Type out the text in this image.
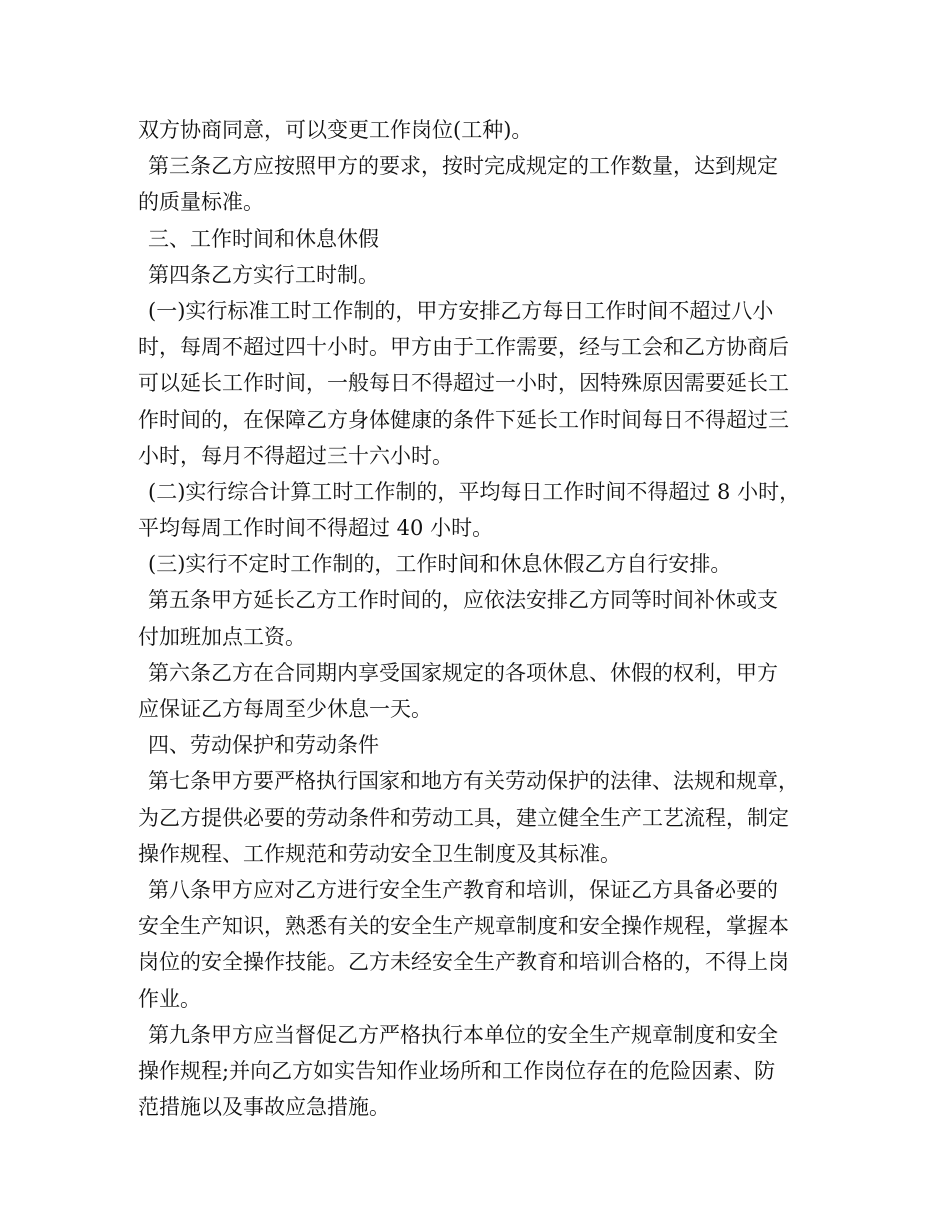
双方协商同意，可以变更工作岗位(工种)。
第三条乙方应按照甲方的要求，按时完成规定的工作数量，达到规定
的质量标准。
三、工作时间和休息休假
第四条乙方实行工时制。
(一)实行标准工时工作制的，甲方安排乙方每日工作时间不超过八小
时，每周不超过四十小时。甲方由于工作需要，经与工会和乙方协商后
可以延长工作时间，一般每日不得超过一小时，因特殊原因需要延长工
作时间的，在保障乙方身体健康的条件下延长工作时间每日不得超过三
小时，每月不得超过三十六小时。
(二)实行综合计算工时工作制的，平均每日工作时间不得超过 8 小时，
平均每周工作时间不得超过 40 小时。
(三)实行不定时工作制的，工作时间和休息休假乙方自行安排。
第五条甲方延长乙方工作时间的，应依法安排乙方同等时间补休或支
付加班加点工资。
第六条乙方在合同期内享受国家规定的各项休息、休假的权利，甲方
应保证乙方每周至少休息一天。
四、劳动保护和劳动条件
第七条甲方要严格执行国家和地方有关劳动保护的法律、法规和规章，
为乙方提供必要的劳动条件和劳动工具，建立健全生产工艺流程，制定
操作规程、工作规范和劳动安全卫生制度及其标准。
第八条甲方应对乙方进行安全生产教育和培训，保证乙方具备必要的
安全生产知识，熟悉有关的安全生产规章制度和安全操作规程，掌握本
岗位的安全操作技能。乙方未经安全生产教育和培训合格的，不得上岗
作业。
第九条甲方应当督促乙方严格执行本单位的安全生产规章制度和安全
操作规程;并向乙方如实告知作业场所和工作岗位存在的危险因素、防
范措施以及事故应急措施。
